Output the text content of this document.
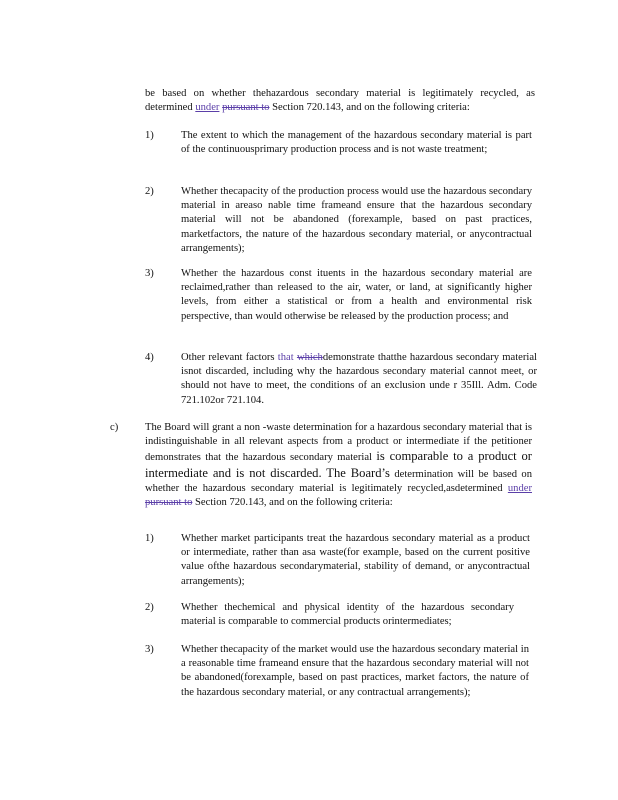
be based on whether thehazardous secondary material is legitimately recycled, as determined under pursuant to Section 720.143, and on the following criteria:

1)	The extent to which the management of the hazardous secondary material is part of the continuousprimary production process and is not waste treatment;

2)	Whether thecapacity of the production process would use the hazardous secondary material in areaso nable time frameand ensure that the hazardous secondary material will not be abandoned (forexample, based on past practices, marketfactors, the nature of the hazardous secondary material, or anycontractual arrangements);

3)	Whether the hazardous const ituents in the hazardous secondary material are reclaimed,rather than released to the air, water, or land, at significantly higher levels, from either a statistical or from a health and environmental risk perspective, than would otherwise be released by the production process; and

4)	Other relevant factors that whichdemonstrate thatthe hazardous secondary material isnot discarded, including why the hazardous secondary material cannot meet, or should not have to meet, the conditions of an exclusion unde r 35Ill. Adm. Code 721.102or 721.104.

c)	The Board will grant a non -waste determination for a hazardous secondary material that is indistinguishable in all relevant aspects from a product or intermediate if the petitioner demonstrates that the hazardous secondary material is comparable to a product or intermediate and is not discarded. The Board’s determination will be based on whether the hazardous secondary material is legitimately recycled,asdetermined under pursuant to Section 720.143, and on the following criteria:

1)	Whether market participants treat the hazardous secondary material as a product or intermediate, rather than asa waste(for example, based on the current positive value ofthe hazardous secondarymaterial, stability of demand, or anycontractual arrangements);

2)	Whether thechemical and physical identity of the hazardous secondary material is comparable to commercial products orintermediates;

3)	Whether thecapacity of the market would use the hazardous secondary material in a reasonable time frameand ensure that the hazardous secondary material will not be abandoned(forexample, based on past practices, market factors, the nature of the hazardous secondary material, or any contractual arrangements);
